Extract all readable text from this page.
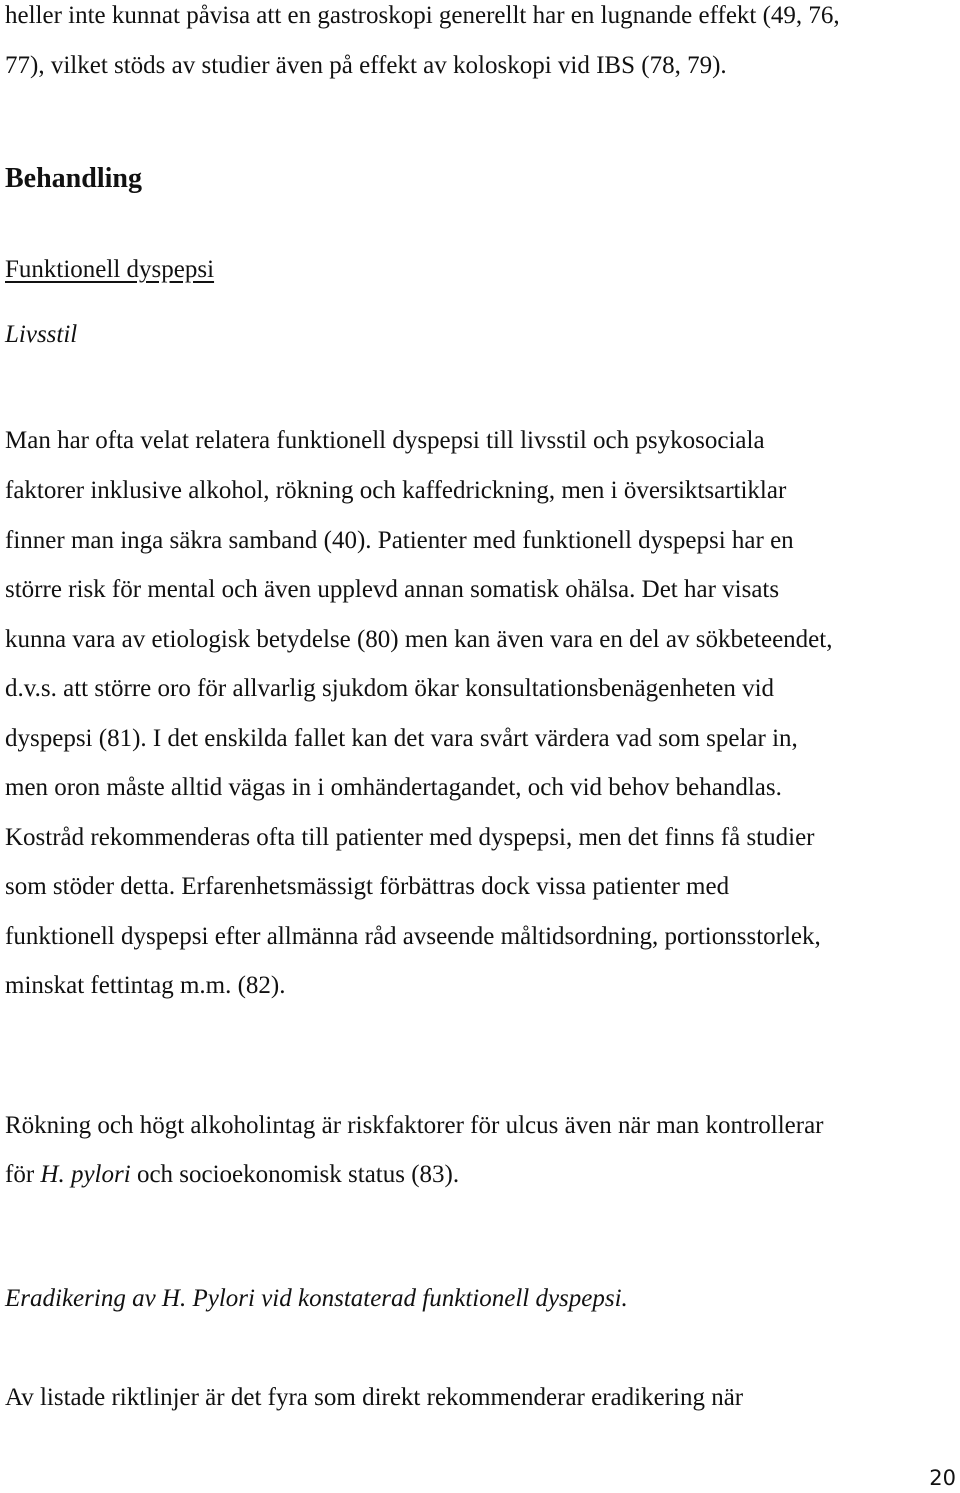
heller inte kunnat påvisa att en gastroskopi generellt har en lugnande effekt (49, 76,
77), vilket stöds av studier även på effekt av koloskopi vid IBS (78, 79).
Behandling
Funktionell dyspepsi
Livsstil
Man har ofta velat relatera funktionell dyspepsi till livsstil och psykosociala
faktorer inklusive alkohol, rökning och kaffedrickning, men i översiktsartiklar
finner man inga säkra samband (40). Patienter med funktionell dyspepsi har en
större risk för mental och även upplevd annan somatisk ohälsa. Det har visats
kunna vara av etiologisk betydelse (80) men kan även vara en del av sökbeteendet,
d.v.s. att större oro för allvarlig sjukdom ökar konsultationsbenägenheten vid
dyspepsi (81). I det enskilda fallet kan det vara svårt värdera vad som spelar in,
men oron måste alltid vägas in i omhändertagandet, och vid behov behandlas.
Kostråd rekommenderas ofta till patienter med dyspepsi, men det finns få studier
som stöder detta. Erfarenhetsmässigt förbättras dock vissa patienter med
funktionell dyspepsi efter allmänna råd avseende måltidsordning, portionsstorlek,
minskat fettintag m.m. (82).
Rökning och högt alkoholintag är riskfaktorer för ulcus även när man kontrollerar
för H. pylori och socioekonomisk status (83).
Eradikering av H. Pylori vid konstaterad funktionell dyspepsi.
Av listade riktlinjer är det fyra som direkt rekommenderar eradikering när
20
